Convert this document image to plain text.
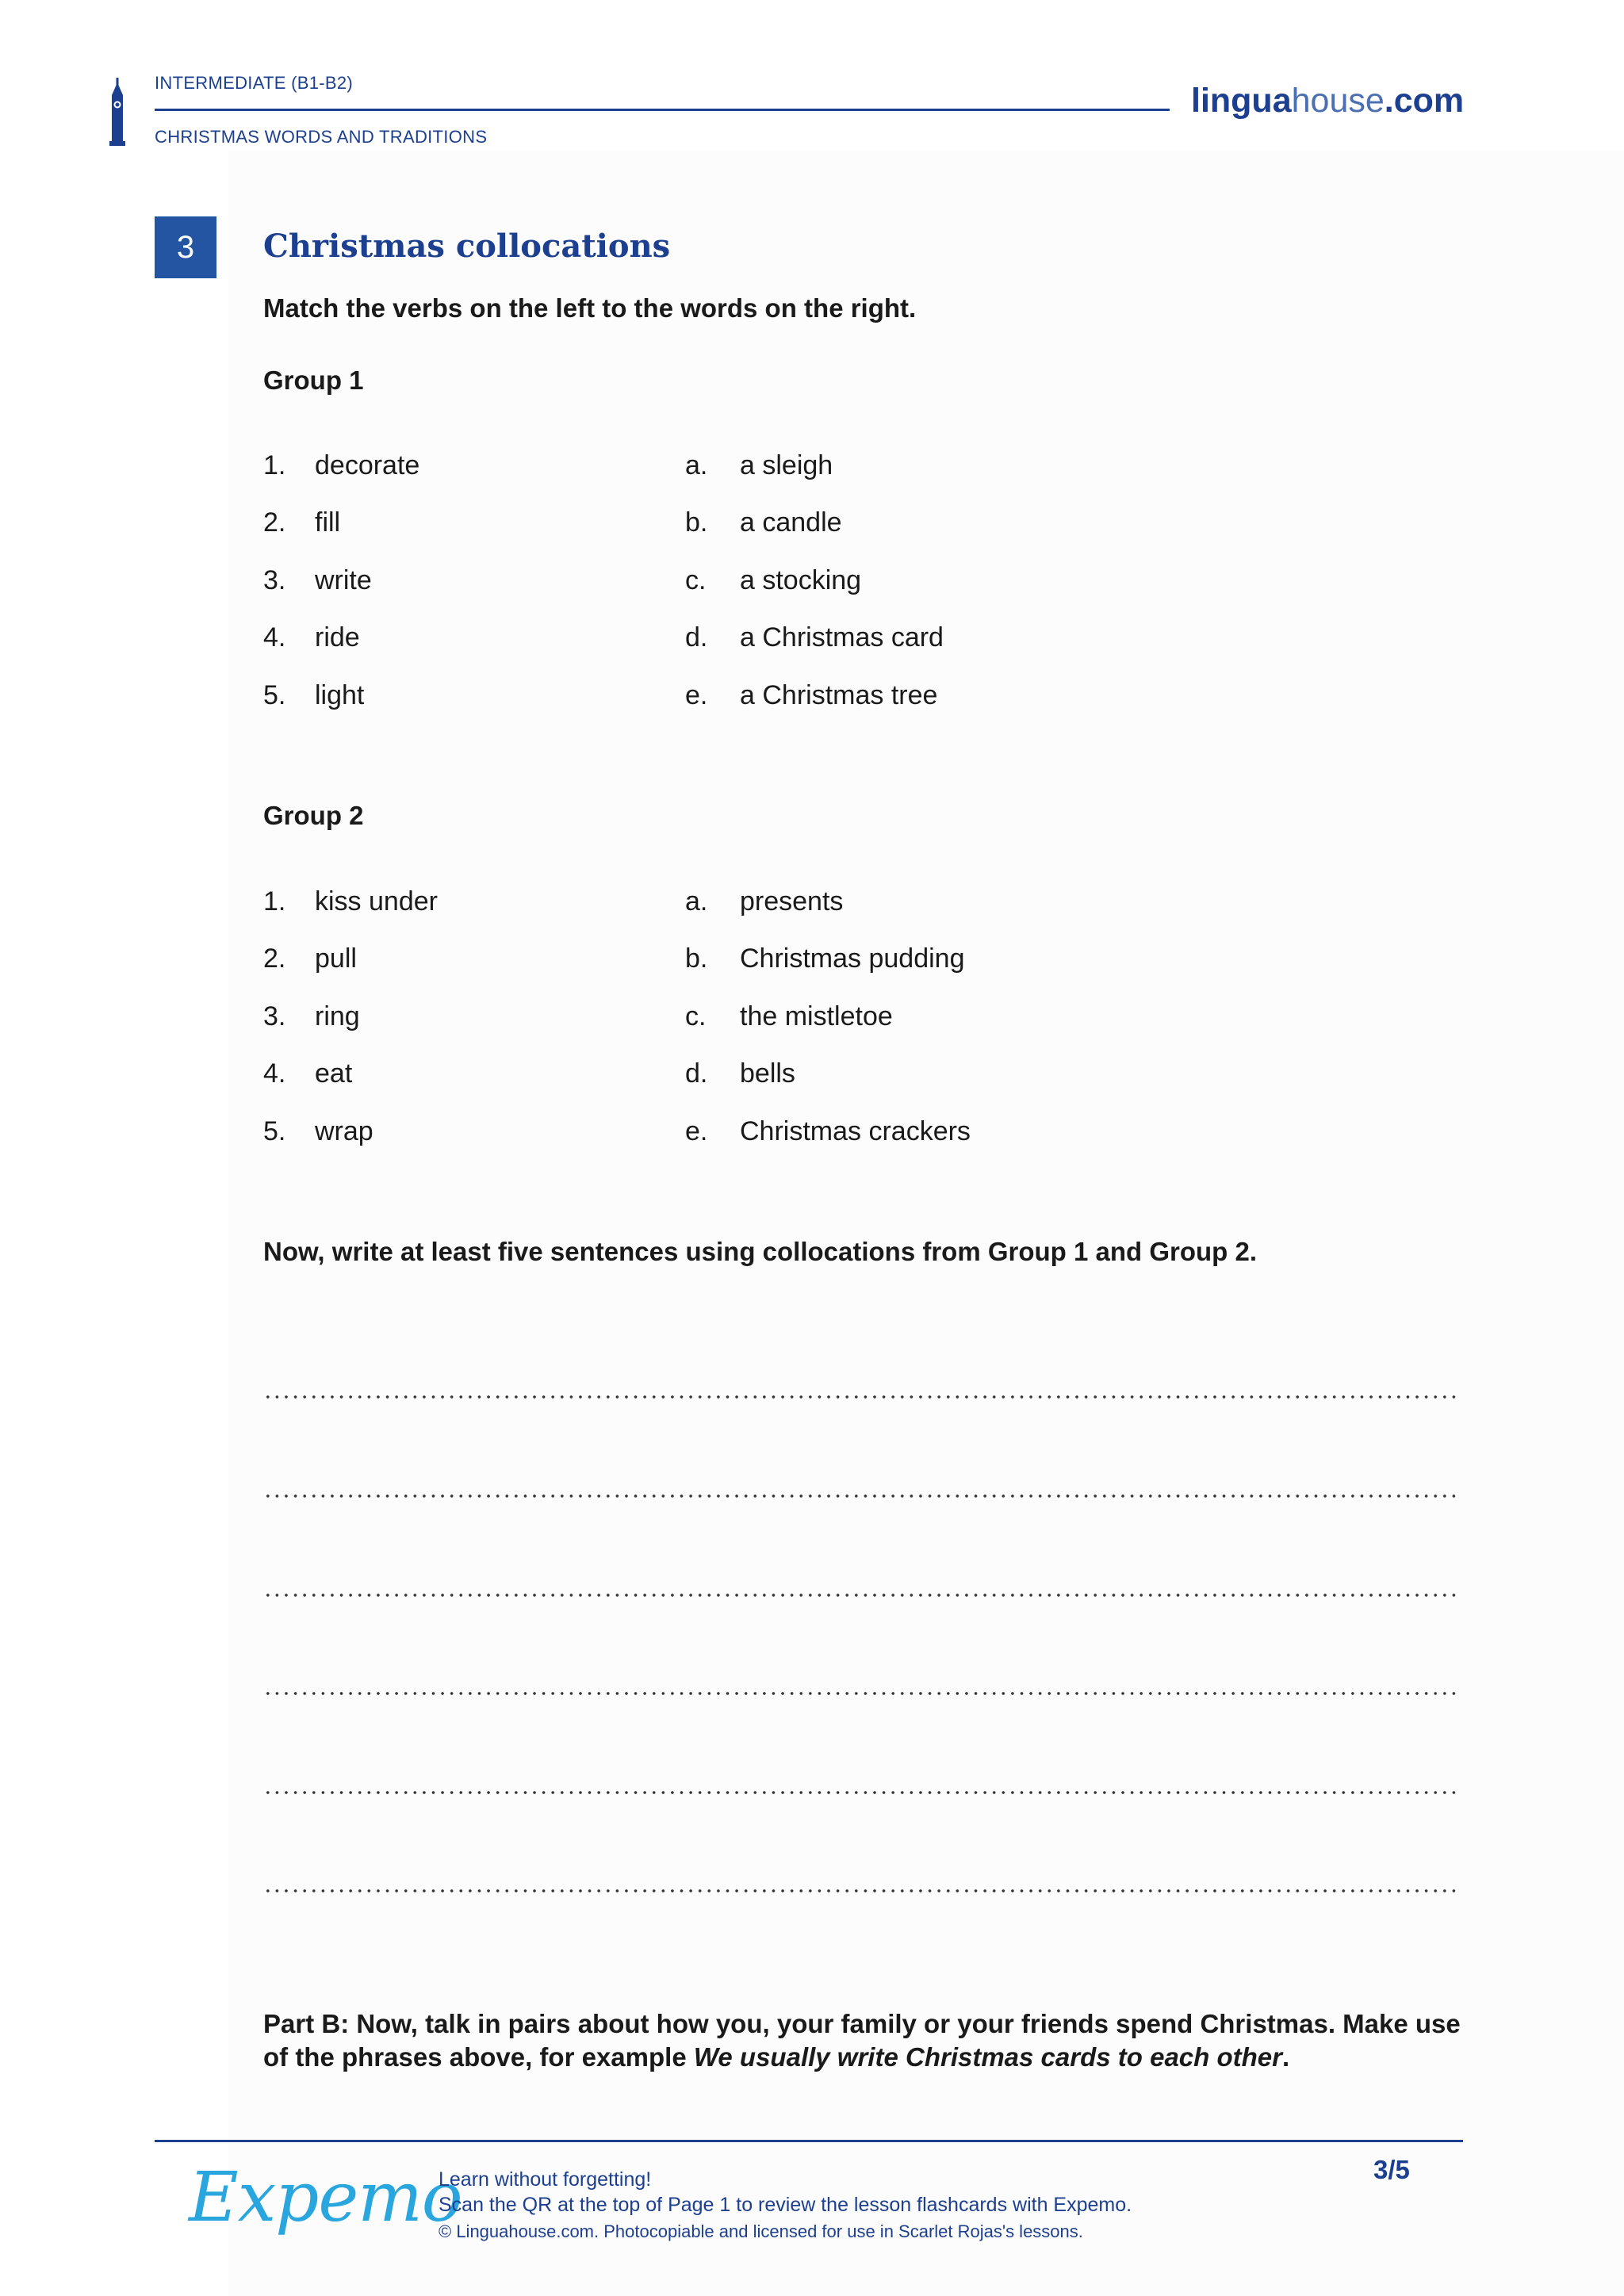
INTERMEDIATE (B1-B2)
CHRISTMAS WORDS AND TRADITIONS
linguahouse.com
3	Christmas collocations
Match the verbs on the left to the words on the right.
Group 1
1. decorate	a. a sleigh
2. fill	b. a candle
3. write	c. a stocking
4. ride	d. a Christmas card
5. light	e. a Christmas tree
Group 2
1. kiss under	a. presents
2. pull	b. Christmas pudding
3. ring	c. the mistletoe
4. eat	d. bells
5. wrap	e. Christmas crackers
Now, write at least five sentences using collocations from Group 1 and Group 2.
Part B: Now, talk in pairs about how you, your family or your friends spend Christmas. Make use of the phrases above, for example We usually write Christmas cards to each other.
Expemo
Learn without forgetting!
Scan the QR at the top of Page 1 to review the lesson flashcards with Expemo.
© Linguahouse.com. Photocopiable and licensed for use in Scarlet Rojas's lessons.
3/5
